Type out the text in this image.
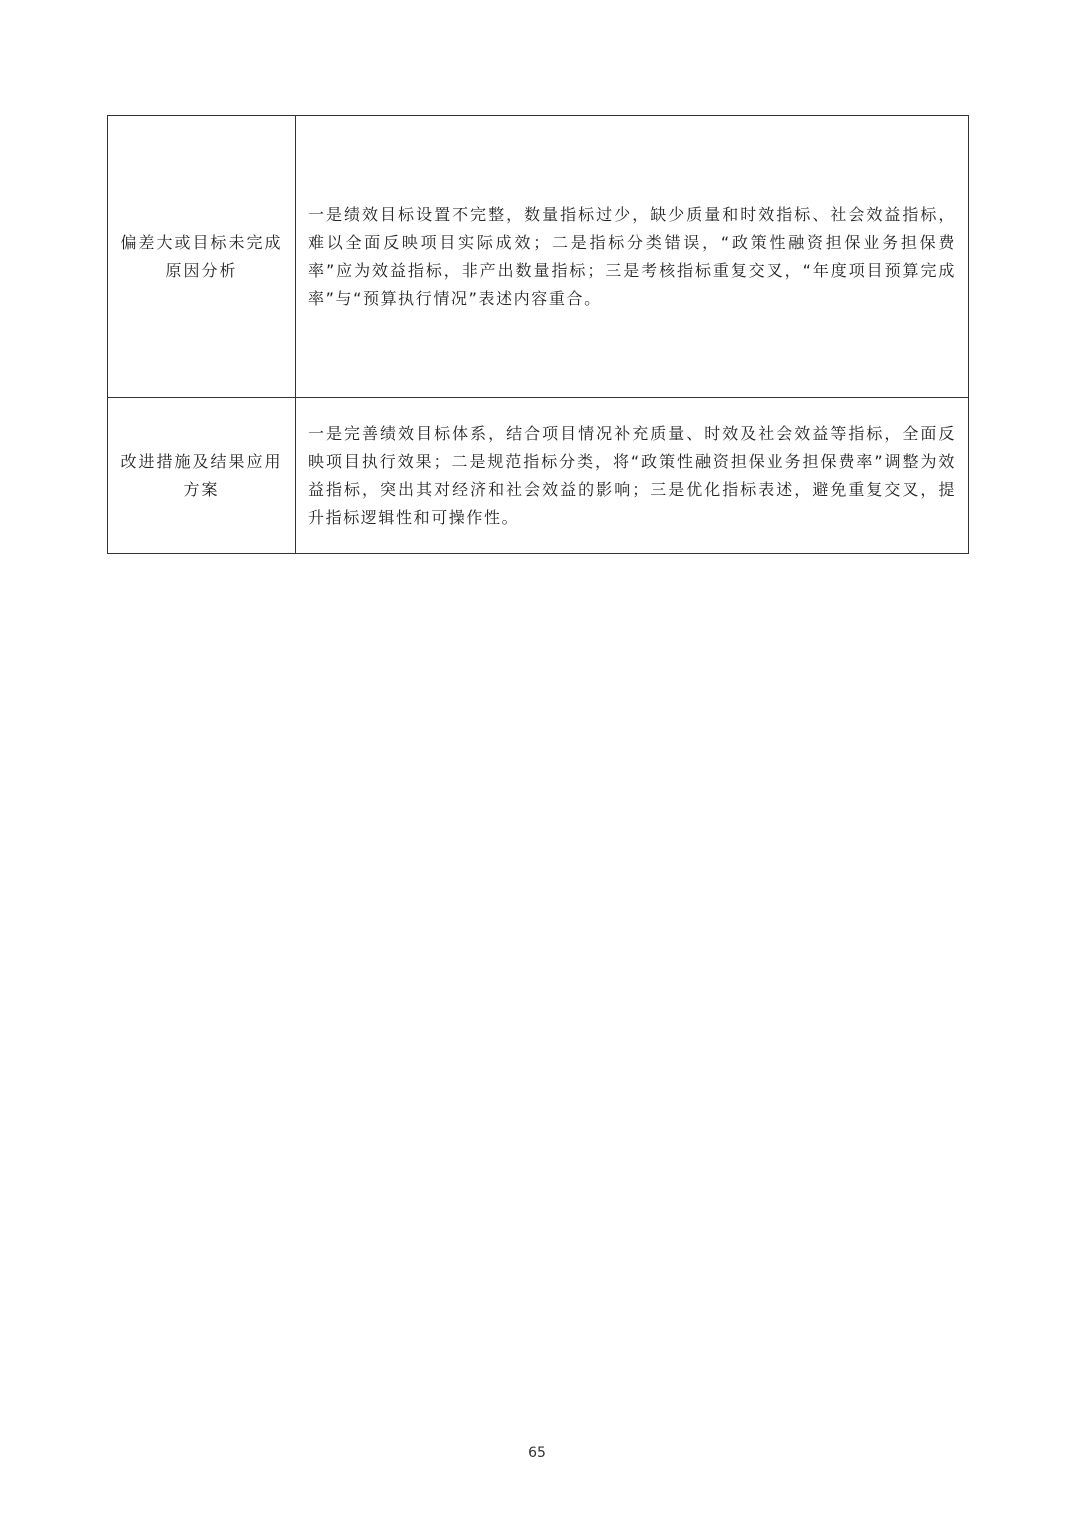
偏差大或目标未完成原因分析	一是绩效目标设置不完整，数量指标过少，缺少质量和时效指标、社会效益指标，难以全面反映项目实际成效；二是指标分类错误，“政策性融资担保业务担保费率”应为效益指标，非产出数量指标；三是考核指标重复交叉，“年度项目预算完成率”与“预算执行情况”表述内容重合。
改进措施及结果应用方案	一是完善绩效目标体系，结合项目情况补充质量、时效及社会效益等指标，全面反映项目执行效果；二是规范指标分类，将“政策性融资担保业务担保费率”调整为效益指标，突出其对经济和社会效益的影响；三是优化指标表述，避免重复交叉，提升指标逻辑性和可操作性。
65
